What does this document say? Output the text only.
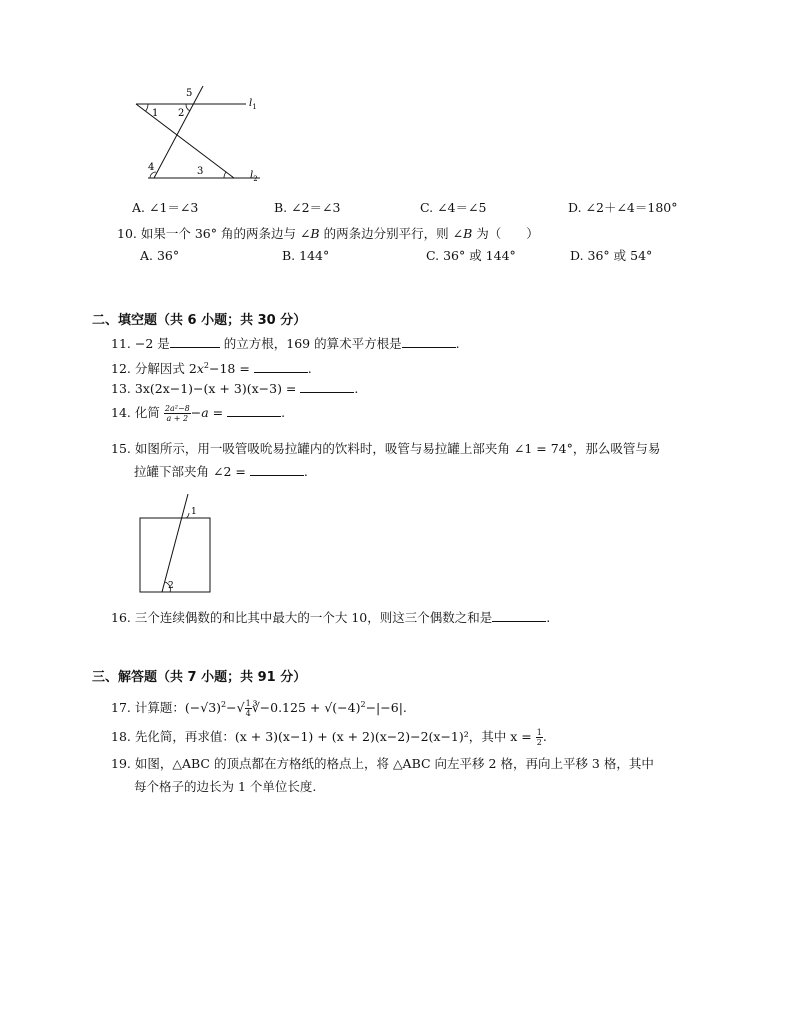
1 2
3
4
5
$l_1$
$l_2$
A. ∠1＝∠3	B. ∠2＝∠3	C. ∠4＝∠5	D. ∠2＋∠4＝180°
10. 如果一个 36° 角的两条边与 ∠B 的两条边分别平行，则 ∠B 为（　　）
A. 36°	B. 144°	C. 36° 或 144°	D. 36° 或 54°
二、填空题（共 6 小题；共 30 分）
11. −2 是	的立方根，169 的算术平方根是	.
12. 分解因式 $2x^2-18$ =	.
13. 3x(2x−1)−(x + 3)(x−3) =	.
14. 化简 $\frac{\text{2a²−8}}{a + 2} -a$ =	.
15. 如图所示，用一吸管吸吮易拉罐内的饮料时，吸管与易拉罐上部夹角 ∠1 = 74°，那么吸管与易
拉罐下部夹角 ∠2 =	.
1
2
16. 三个连续偶数的和比其中最大的一个大 10，则这三个偶数之和是	.
三、解答题（共 7 小题；共 91 分）
17. 计算题：$(-√3)^2-√ \frac{1}{4}$ ∛−0.125 + $√(-4)^2-|-6|$.
18. 先化简，再求值：(x + 3)(x−1) + (x + 2)(x−2)−2(x−1)²，其中 $x = \frac{1}{2}$ .
19. 如图，△ABC 的顶点都在方格纸的格点上，将 △ABC 向左平移 2 格，再向上平移 3 格，其中
每个格子的边长为 1 个单位长度.
